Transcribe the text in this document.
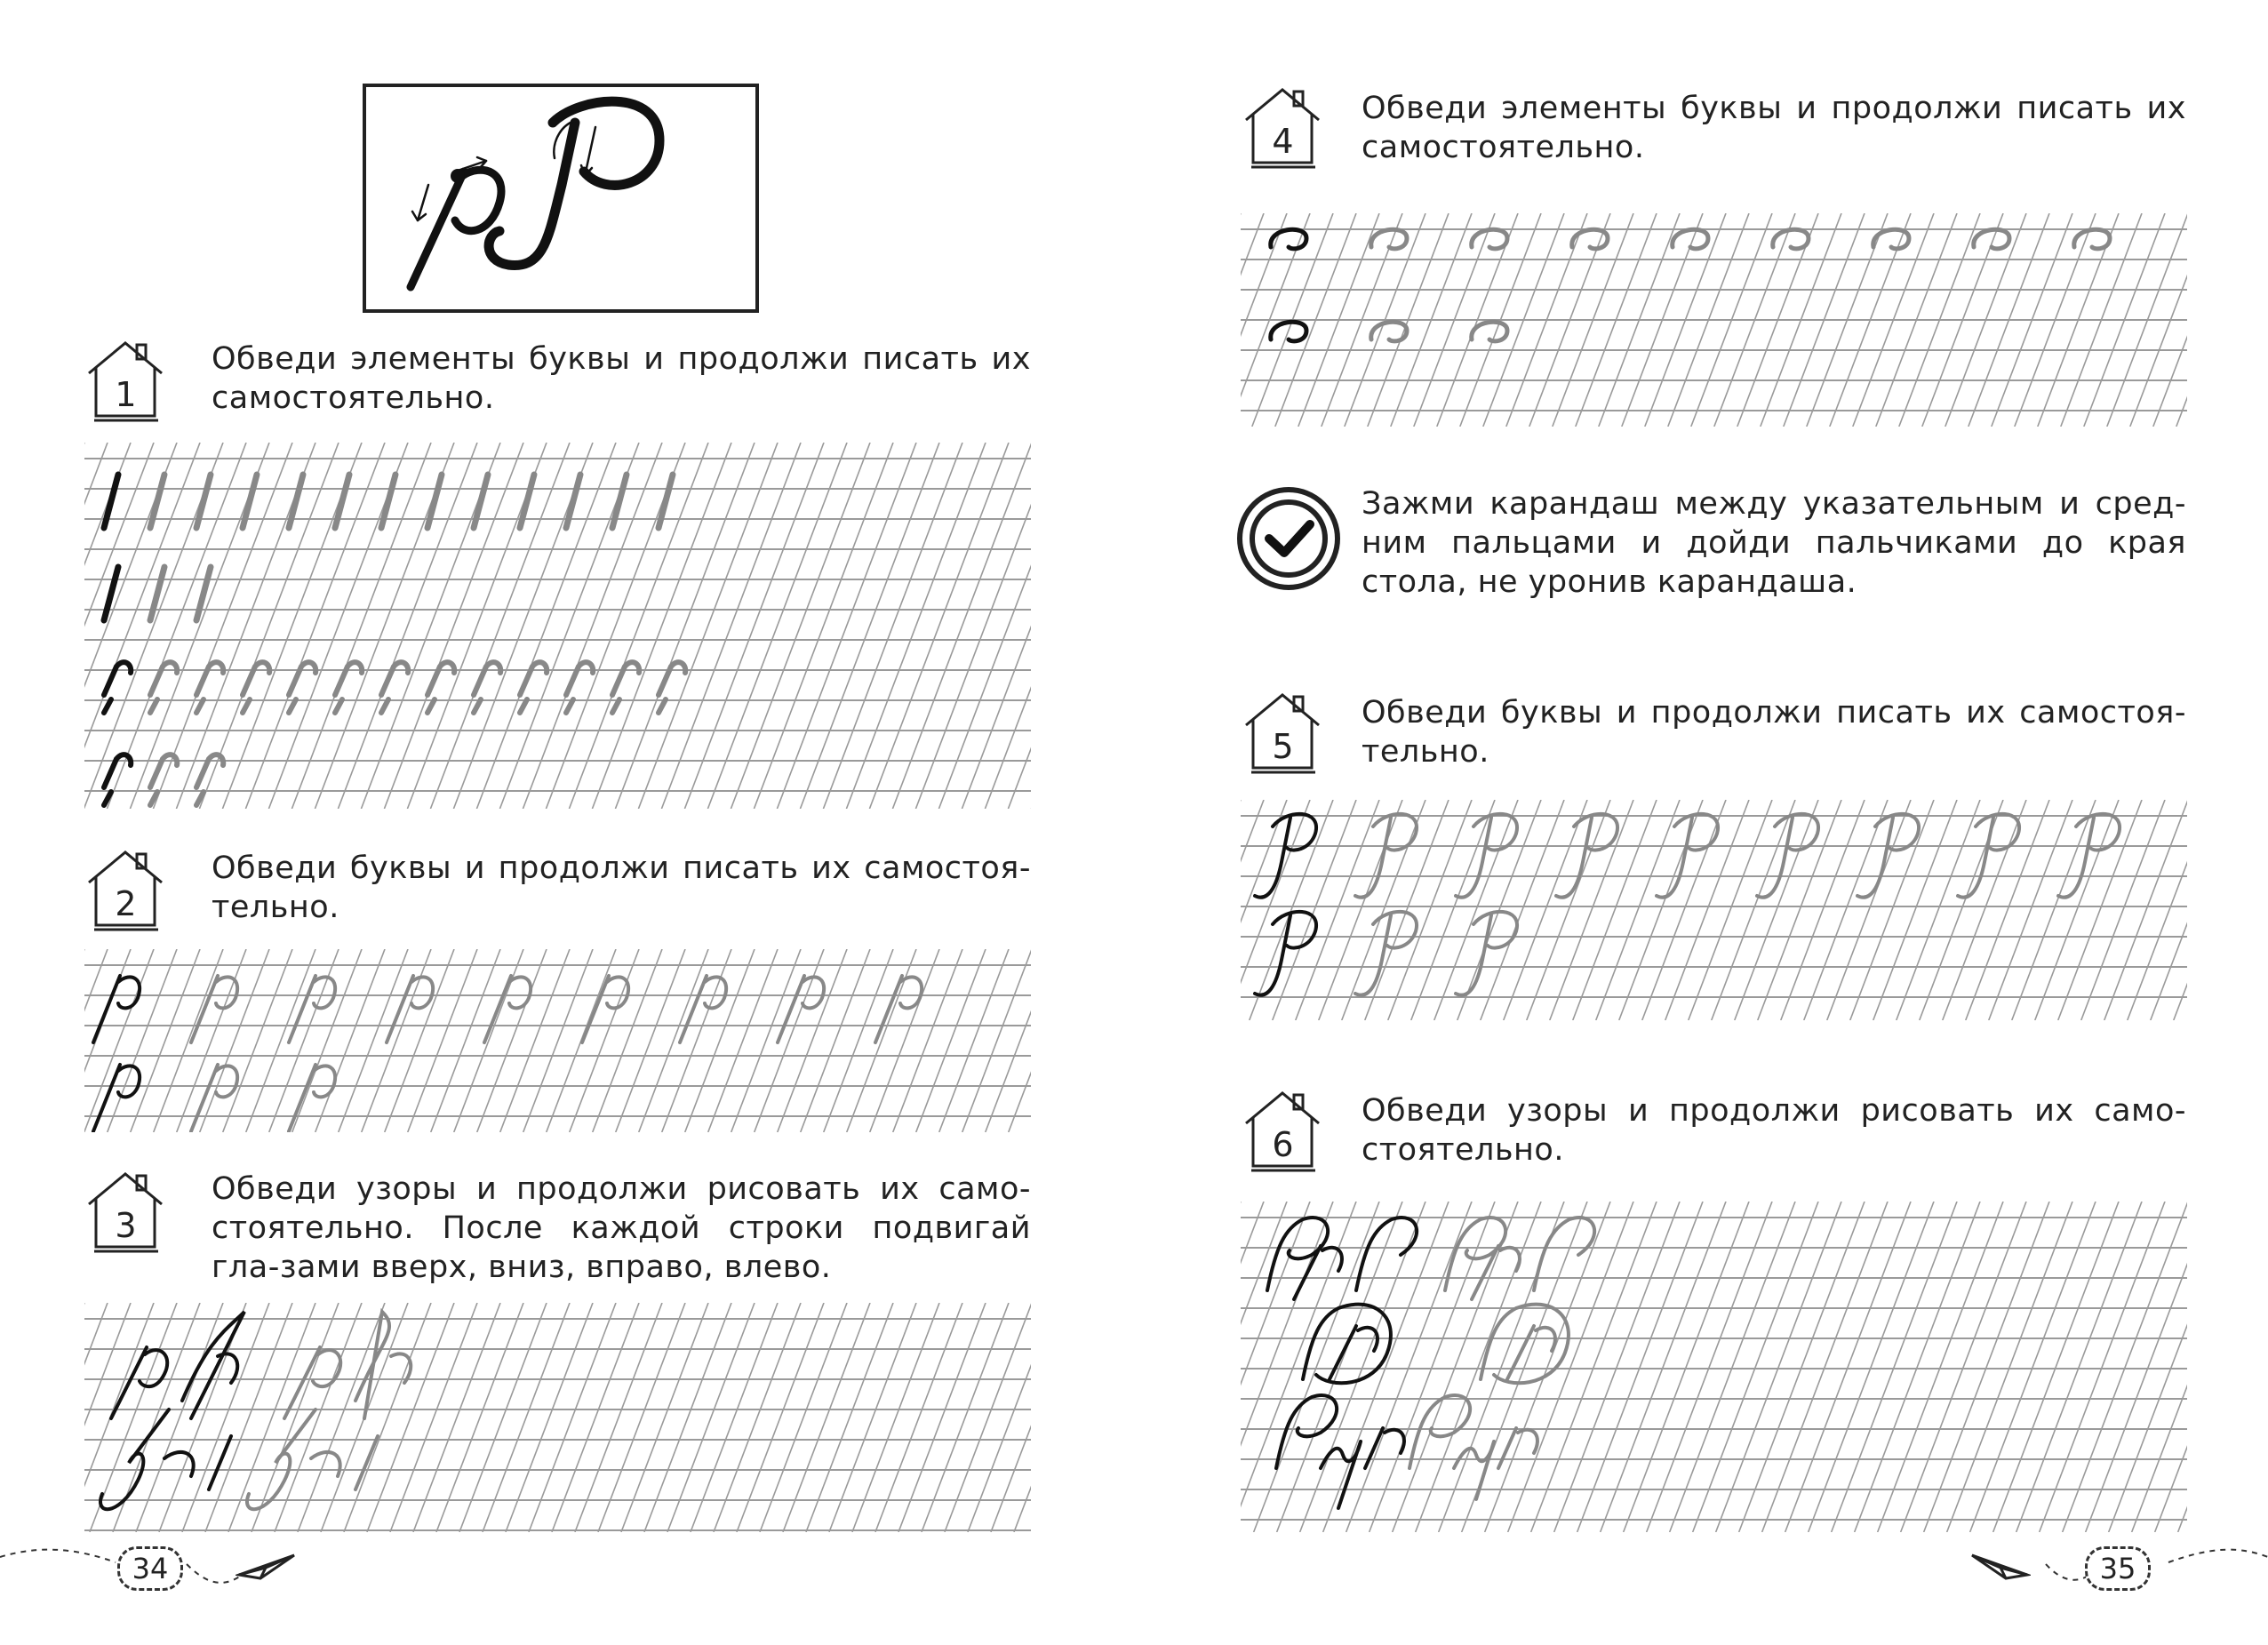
1
Обведи элементы буквы и продолжи писать их самостоятельно.
2
Обведи буквы и продолжи писать их самостоя-тельно.
3
Обведи узоры и продолжи рисовать их само-стоятельно. После каждой строки подвигай гла-зами вверх, вниз, вправо, влево.
34
4
Обведи элементы буквы и продолжи писать их самостоятельно.
Зажми карандаш между указательным и сред-ним пальцами и дойди пальчиками до края стола, не уронив карандаша.
5
Обведи буквы и продолжи писать их самостоя-тельно.
6
Обведи узоры и продолжи рисовать их само-стоятельно.
35
